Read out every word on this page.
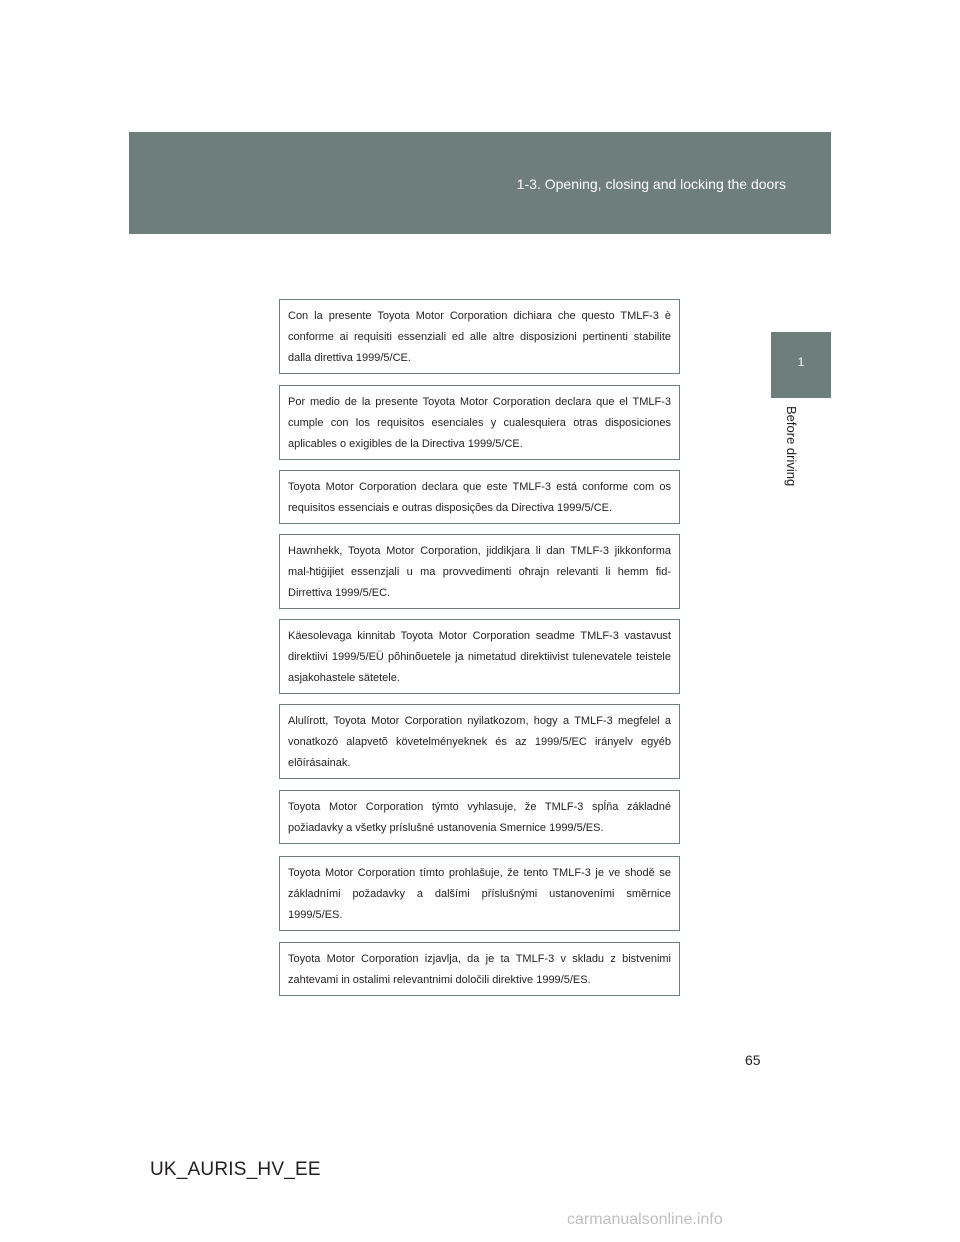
1-3. Opening, closing and locking the doors
1
Before driving
Con la presente Toyota Motor Corporation dichiara che questo TMLF-3 è conforme ai requisiti essenziali ed alle altre disposizioni pertinenti stabilite dalla direttiva 1999/5/CE.
Por medio de la presente Toyota Motor Corporation declara que el TMLF-3 cumple con los requisitos esenciales y cualesquiera otras disposiciones aplicables o exigibles de la Directiva 1999/5/CE.
Toyota Motor Corporation declara que este TMLF-3 está conforme com os requisitos essenciais e outras disposições da Directiva 1999/5/CE.
Hawnhekk, Toyota Motor Corporation, jiddikjara li dan TMLF-3 jikkonforma mal-ħtiġijiet essenzjali u ma provvedimenti oħrajn relevanti li hemm fid-Dirrettiva 1999/5/EC.
Käesolevaga kinnitab Toyota Motor Corporation seadme TMLF-3 vastavust direktiivi 1999/5/EÜ põhinõuetele ja nimetatud direktiivist tulenevatele teistele asjakohastele sätetele.
Alulírott, Toyota Motor Corporation nyilatkozom, hogy a TMLF-3 megfelel a vonatkozó alapvetõ követelményeknek és az 1999/5/EC irányelv egyéb elõírásainak.
Toyota Motor Corporation týmto vyhlasuje, že TMLF-3 spĺňa základné požiadavky a všetky príslušné ustanovenia Smernice 1999/5/ES.
Toyota Motor Corporation tímto prohlašuje, že tento TMLF-3 je ve shodě se základními požadavky a dalšími příslušnými ustanoveními směrnice 1999/5/ES.
Toyota Motor Corporation izjavlja, da je ta TMLF-3 v skladu z bistvenimi zahtevami in ostalimi relevantnimi določili direktive 1999/5/ES.
65
UK_AURIS_HV_EE
carmanualsonline.info
